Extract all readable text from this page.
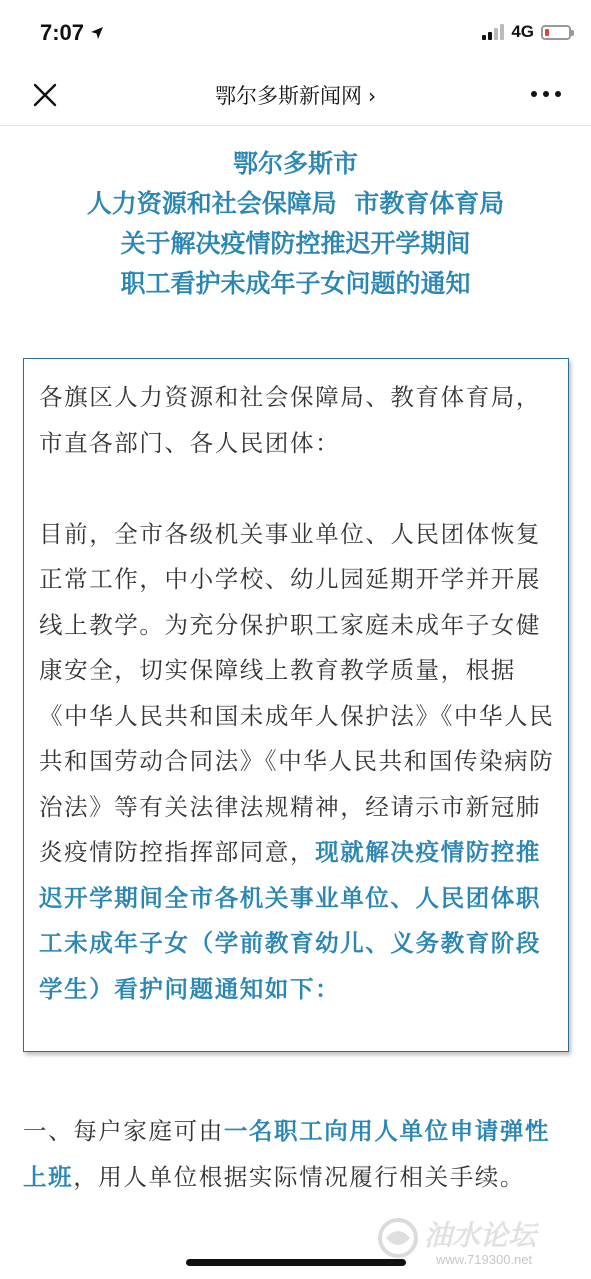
7:07	4G
鄂尔多斯新闻网 ›
鄂尔多斯市
人力资源和社会保障局  市教育体育局
关于解决疫情防控推迟开学期间
职工看护未成年子女问题的通知

各旗区人力资源和社会保障局、教育体育局，市直各部门、各人民团体：

目前，全市各级机关事业单位、人民团体恢复正常工作，中小学校、幼儿园延期开学并开展线上教学。为充分保护职工家庭未成年子女健康安全，切实保障线上教育教学质量，根据《中华人民共和国未成年人保护法》《中华人民共和国劳动合同法》《中华人民共和国传染病防治法》等有关法律法规精神，经请示市新冠肺炎疫情防控指挥部同意，现就解决疫情防控推迟开学期间全市各机关事业单位、人民团体职工未成年子女（学前教育幼儿、义务教育阶段学生）看护问题通知如下：

一、每户家庭可由一名职工向用人单位申请弹性上班，用人单位根据实际情况履行相关手续。

油水论坛
www.719300.net
